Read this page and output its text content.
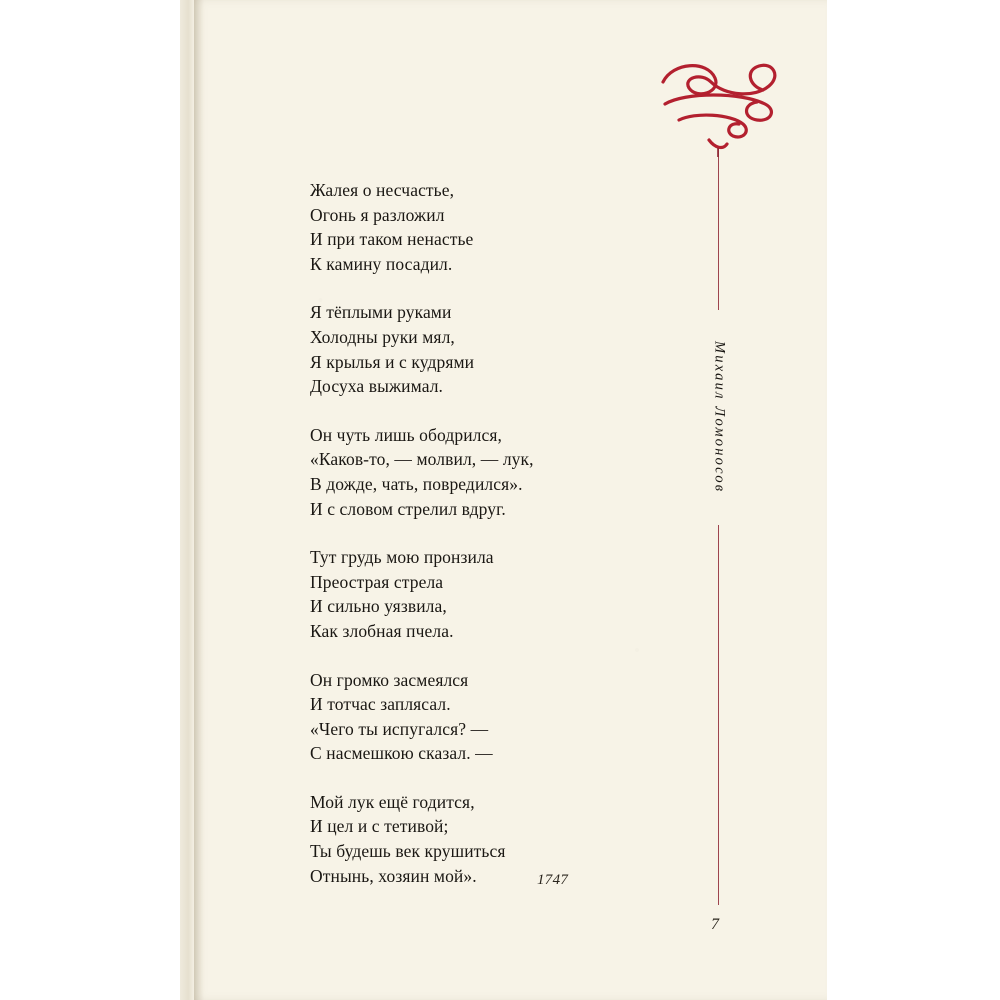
Михаил Ломоносов
Жалея о несчастье,
Огонь я разложил
И при таком ненастье
К камину посадил.
Я тёплыми руками
Холодны руки мял,
Я крылья и с кудрями
Досуха выжимал.
Он чуть лишь ободрился,
«Каков-то, — молвил, — лук,
В дожде, чать, повредился».
И с словом стрелил вдруг.
Тут грудь мою пронзила
Преострая стрела
И сильно уязвила,
Как злобная пчела.
Он громко засмеялся
И тотчас заплясал.
«Чего ты испугался? —
С насмешкою сказал. —
Мой лук ещё годится,
И цел и с тетивой;
Ты будешь век крушиться
Отнынь, хозяин мой».	1747
7
